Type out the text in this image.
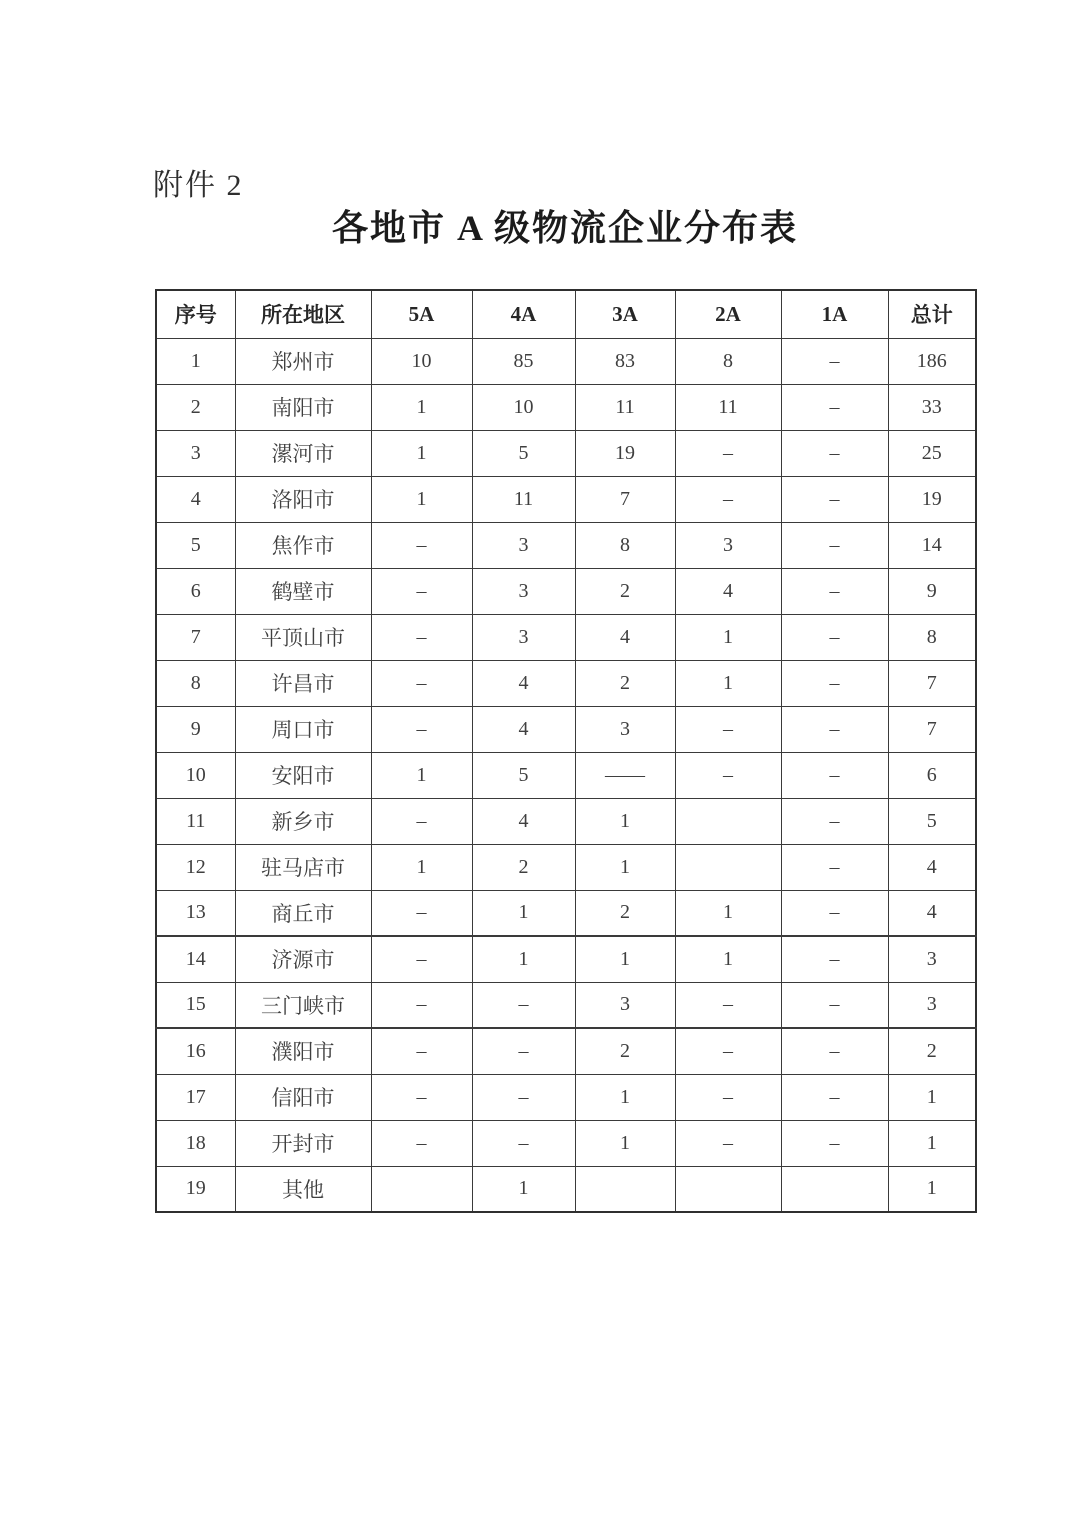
附件 2
各地市 A 级物流企业分布表
序号	所在地区	5A	4A	3A	2A	1A	总计
1	郑州市	10	85	83	8	–	186
2	南阳市	1	10	11	11	–	33
3	漯河市	1	5	19	–	–	25
4	洛阳市	1	11	7	–	–	19
5	焦作市	–	3	8	3	–	14
6	鹤壁市	–	3	2	4	–	9
7	平顶山市	–	3	4	1	–	8
8	许昌市	–	4	2	1	–	7
9	周口市	–	4	3	–	–	7
10	安阳市	1	5	——	–	–	6
11	新乡市	–	4	1		–	5
12	驻马店市	1	2	1		–	4
13	商丘市	–	1	2	1	–	4
14	济源市	–	1	1	1	–	3
15	三门峡市	–	–	3	–	–	3
16	濮阳市	–	–	2	–	–	2
17	信阳市	–	–	1	–	–	1
18	开封市	–	–	1	–	–	1
19	其他		1				1
